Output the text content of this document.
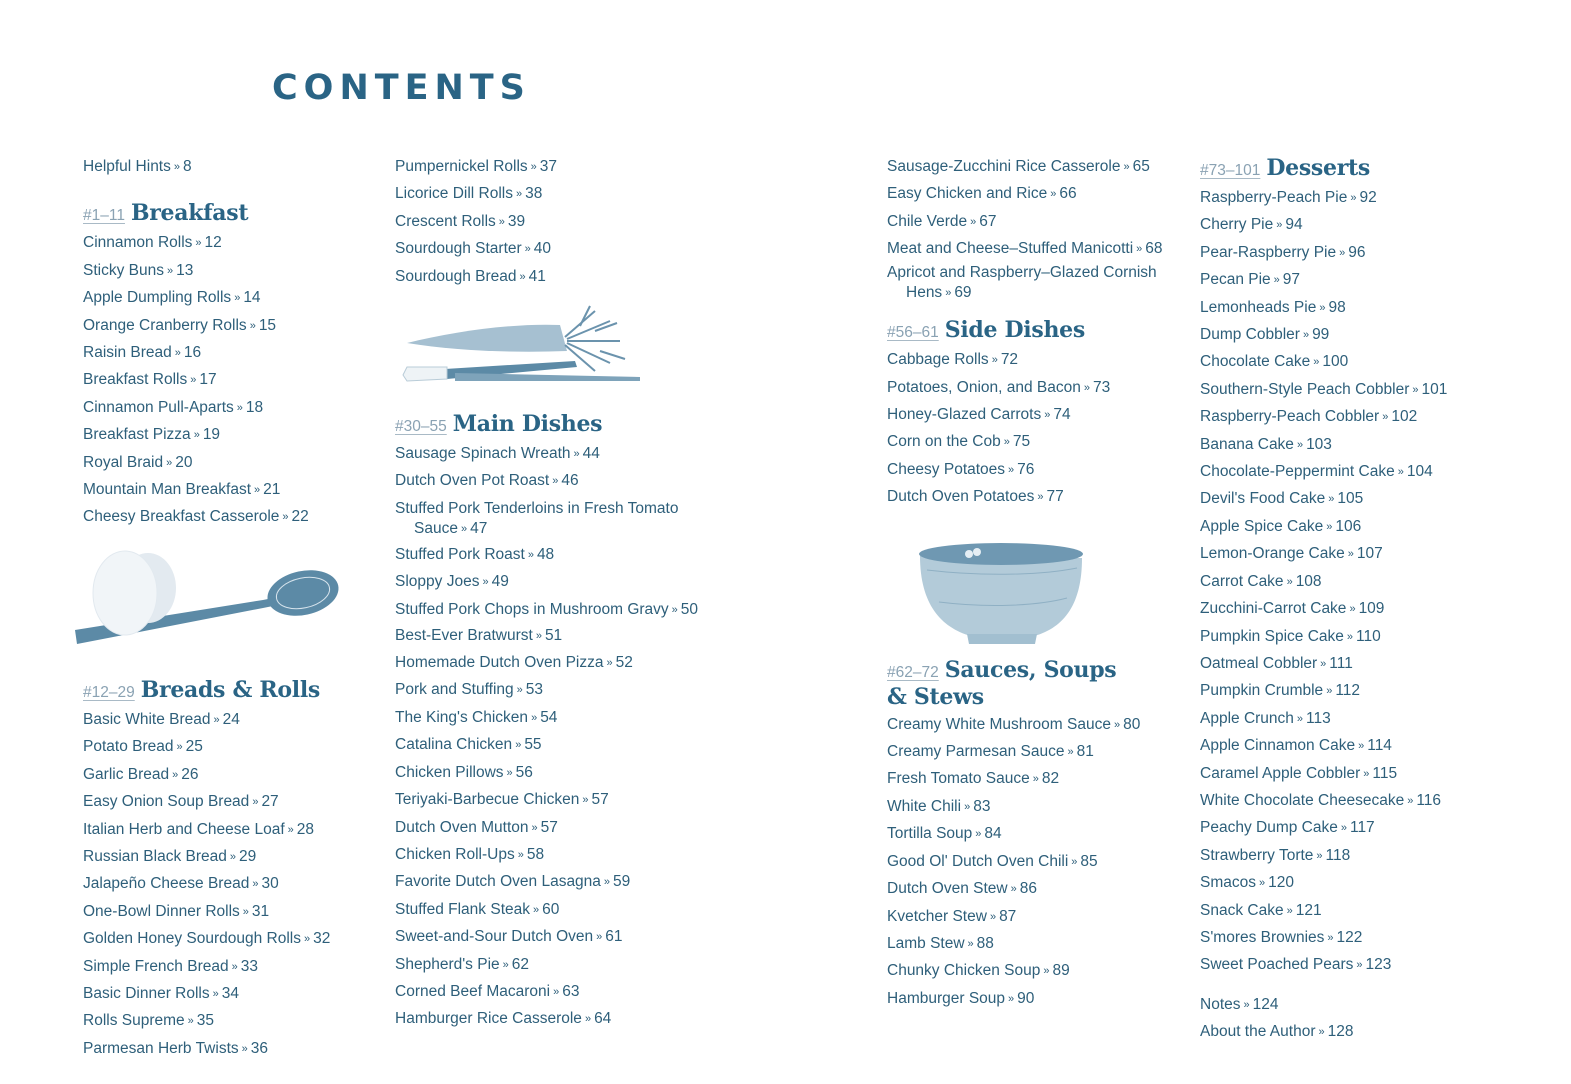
CONTENTS
Helpful Hints » 8
#1–11 Breakfast
Cinnamon Rolls » 12
Sticky Buns » 13
Apple Dumpling Rolls » 14
Orange Cranberry Rolls » 15
Raisin Bread » 16
Breakfast Rolls » 17
Cinnamon Pull-Aparts » 18
Breakfast Pizza » 19
Royal Braid » 20
Mountain Man Breakfast » 21
Cheesy Breakfast Casserole » 22
#12–29 Breads & Rolls
Basic White Bread » 24
Potato Bread » 25
Garlic Bread » 26
Easy Onion Soup Bread » 27
Italian Herb and Cheese Loaf » 28
Russian Black Bread » 29
Jalapeño Cheese Bread » 30
One-Bowl Dinner Rolls » 31
Golden Honey Sourdough Rolls » 32
Simple French Bread » 33
Basic Dinner Rolls » 34
Rolls Supreme » 35
Parmesan Herb Twists » 36
Pumpernickel Rolls » 37
Licorice Dill Rolls » 38
Crescent Rolls » 39
Sourdough Starter » 40
Sourdough Bread » 41
#30–55 Main Dishes
Sausage Spinach Wreath » 44
Dutch Oven Pot Roast » 46
Stuffed Pork Tenderloins in Fresh Tomato Sauce » 47
Stuffed Pork Roast » 48
Sloppy Joes » 49
Stuffed Pork Chops in Mushroom Gravy » 50
Best-Ever Bratwurst » 51
Homemade Dutch Oven Pizza » 52
Pork and Stuffing » 53
The King's Chicken » 54
Catalina Chicken » 55
Chicken Pillows » 56
Teriyaki-Barbecue Chicken » 57
Dutch Oven Mutton » 57
Chicken Roll-Ups » 58
Favorite Dutch Oven Lasagna » 59
Stuffed Flank Steak » 60
Sweet-and-Sour Dutch Oven » 61
Shepherd's Pie » 62
Corned Beef Macaroni » 63
Hamburger Rice Casserole » 64
Sausage-Zucchini Rice Casserole » 65
Easy Chicken and Rice » 66
Chile Verde » 67
Meat and Cheese–Stuffed Manicotti » 68
Apricot and Raspberry–Glazed Cornish Hens » 69
#56–61 Side Dishes
Cabbage Rolls » 72
Potatoes, Onion, and Bacon » 73
Honey-Glazed Carrots » 74
Corn on the Cob » 75
Cheesy Potatoes » 76
Dutch Oven Potatoes » 77
#62–72 Sauces, Soups
& Stews
Creamy White Mushroom Sauce » 80
Creamy Parmesan Sauce » 81
Fresh Tomato Sauce » 82
White Chili » 83
Tortilla Soup » 84
Good Ol' Dutch Oven Chili » 85
Dutch Oven Stew » 86
Kvetcher Stew » 87
Lamb Stew » 88
Chunky Chicken Soup » 89
Hamburger Soup » 90
#73–101 Desserts
Raspberry-Peach Pie » 92
Cherry Pie » 94
Pear-Raspberry Pie » 96
Pecan Pie » 97
Lemonheads Pie » 98
Dump Cobbler » 99
Chocolate Cake » 100
Southern-Style Peach Cobbler » 101
Raspberry-Peach Cobbler » 102
Banana Cake » 103
Chocolate-Peppermint Cake » 104
Devil's Food Cake » 105
Apple Spice Cake » 106
Lemon-Orange Cake » 107
Carrot Cake » 108
Zucchini-Carrot Cake » 109
Pumpkin Spice Cake » 110
Oatmeal Cobbler » 111
Pumpkin Crumble » 112
Apple Crunch » 113
Apple Cinnamon Cake » 114
Caramel Apple Cobbler » 115
White Chocolate Cheesecake » 116
Peachy Dump Cake » 117
Strawberry Torte » 118
Smacos » 120
Snack Cake » 121
S'mores Brownies » 122
Sweet Poached Pears » 123
Notes » 124
About the Author » 128
